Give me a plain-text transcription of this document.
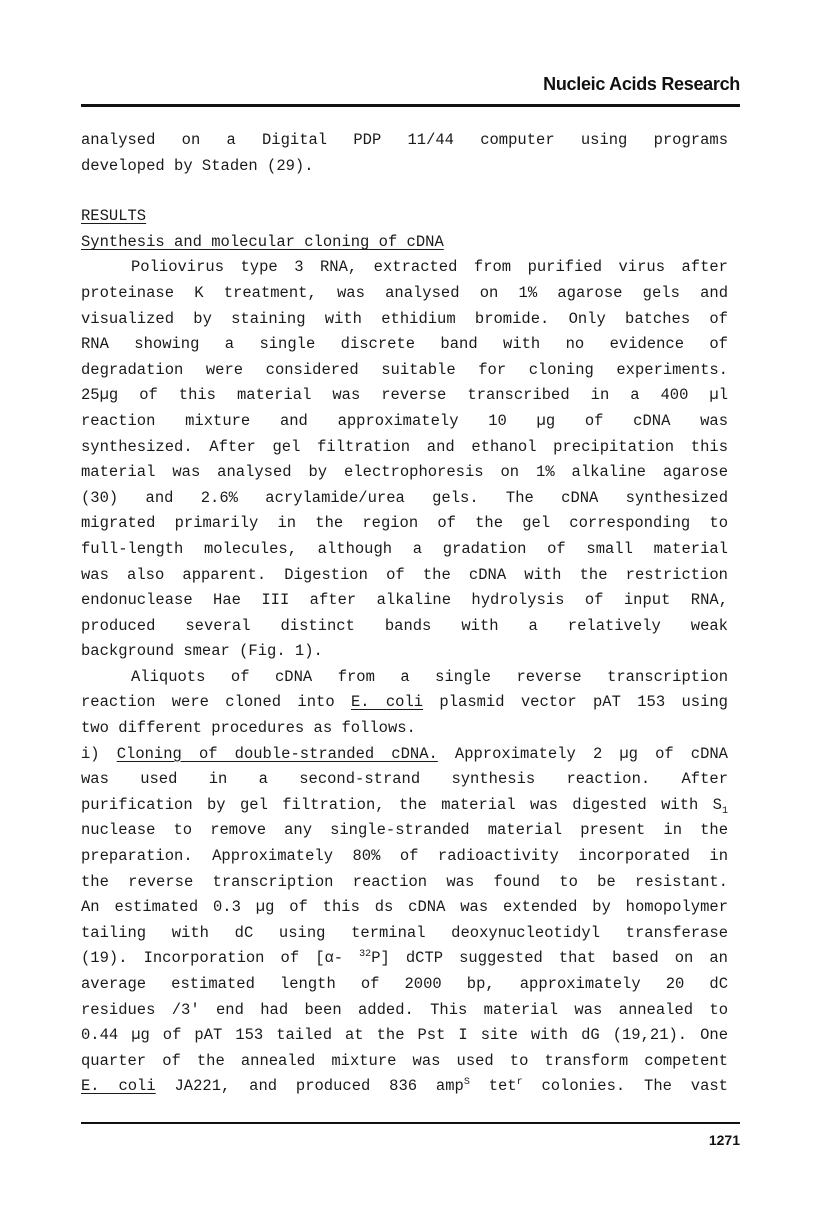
Nucleic Acids Research
analysed on a Digital PDP 11/44 computer using programs
developed by Staden (29).
RESULTS
Synthesis and molecular cloning of cDNA
Poliovirus type 3 RNA, extracted from purified virus after
proteinase K treatment, was analysed on 1% agarose gels and
visualized by staining with ethidium bromide. Only batches of
RNA showing a single discrete band with no evidence of
degradation were considered suitable for cloning experiments.
25µg of this material was reverse transcribed in a 400 µl
reaction mixture and approximately 10 µg of cDNA was
synthesized. After gel filtration and ethanol precipitation this
material was analysed by electrophoresis on 1% alkaline agarose
(30) and 2.6% acrylamide/urea gels. The cDNA synthesized
migrated primarily in the region of the gel corresponding to
full-length molecules, although a gradation of small material
was also apparent. Digestion of the cDNA with the restriction
endonuclease Hae III after alkaline hydrolysis of input RNA,
produced several distinct bands with a relatively weak
background smear (Fig. 1).
Aliquots of cDNA from a single reverse transcription
reaction were cloned into E. coli plasmid vector pAT 153 using
two different procedures as follows.
i) Cloning of double-stranded cDNA. Approximately 2 µg of cDNA
was used in a second-strand synthesis reaction. After
purification by gel filtration, the material was digested with $S_1$
nuclease to remove any single-stranded material present in the
preparation. Approximately 80% of radioactivity incorporated in
the reverse transcription reaction was found to be resistant.
An estimated 0.3 µg of this ds cDNA was extended by homopolymer
tailing with dC using terminal deoxynucleotidyl transferase
(19). Incorporation of [α- $^{32}$P] dCTP suggested that based on an
average estimated length of 2000 bp, approximately 20 dC
residues /3' end had been added. This material was annealed to
0.44 µg of pAT 153 tailed at the Pst I site with dG (19,21). One
quarter of the annealed mixture was used to transform competent
E. coli JA221, and produced 836 amp$^S$ tet$^r$ colonies. The vast
1271
